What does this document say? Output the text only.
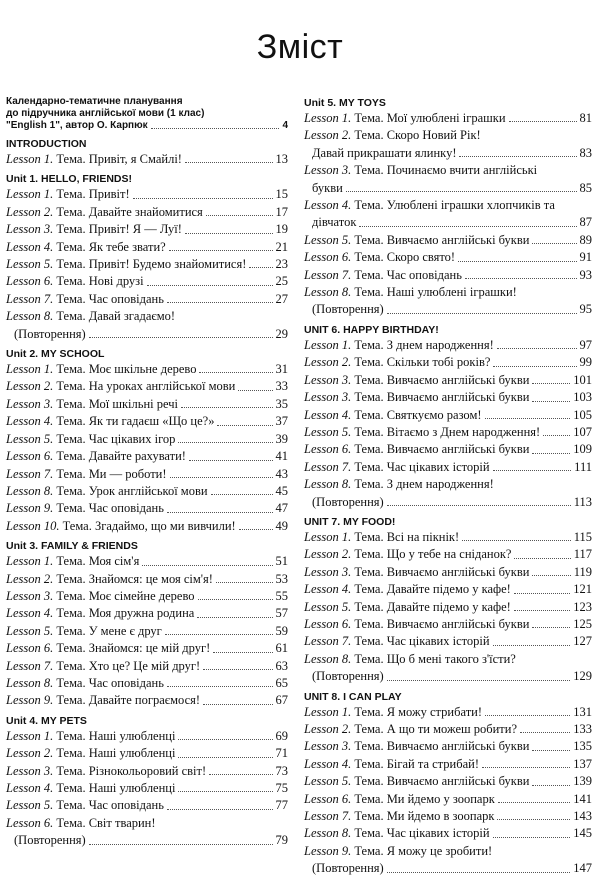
Зміст
Календарно-тематичне планування
до підручника англійської мови (1 клас)
"English 1", автор О. Карпюк	4
INTRODUCTION
Lesson 1. Тема. Привіт, я Смайлі!	13
Unit 1. HELLO, FRIENDS!
Lesson 1. Тема. Привіт!	15
Lesson 2. Тема. Давайте знайомитися	17
Lesson 3. Тема. Привіт! Я — Луї!	19
Lesson 4. Тема. Як тебе звати?	21
Lesson 5. Тема. Привіт! Будемо знайомитися! 23
Lesson 6. Тема. Нові друзі	25
Lesson 7. Тема. Час оповідань	27
Lesson 8. Тема. Давай згадаємо!
(Повторення)	29
Unit 2. MY SCHOOL
Lesson 1. Тема. Моє шкільне дерево	31
Lesson 2. Тема. На уроках англійської мови	33
Lesson 3. Тема. Мої шкільні речі	35
Lesson 4. Тема. Як ти гадаєш «Що це?»	37
Lesson 5. Тема. Час цікавих ігор	39
Lesson 6. Тема. Давайте рахувати!	41
Lesson 7. Тема. Ми — роботи!	43
Lesson 8. Тема. Урок англійської мови	45
Lesson 9. Тема. Час оповідань	47
Lesson 10. Тема. Згадаймо, що ми вивчили!	49
Unit 3. FAMILY & FRIENDS
Lesson 1. Тема. Моя сім'я	51
Lesson 2. Тема. Знайомся: це моя сім'я!	53
Lesson 3. Тема. Моє сімейне дерево	55
Lesson 4. Тема. Моя дружна родина	57
Lesson 5. Тема. У мене є друг	59
Lesson 6. Тема. Знайомся: це мій друг!	61
Lesson 7. Тема. Хто це? Це мій друг!	63
Lesson 8. Тема. Час оповідань	65
Lesson 9. Тема. Давайте пограємося!	67
Unit 4. MY PETS
Lesson 1. Тема. Наші улюбленці	69
Lesson 2. Тема. Наші улюбленці	71
Lesson 3. Тема. Різнокольоровий світ!	73
Lesson 4. Тема. Наші улюбленці	75
Lesson 5. Тема. Час оповідань	77
Lesson 6. Тема. Світ тварин!
(Повторення)	79
Unit 5. MY TOYS
Lesson 1. Тема. Мої улюблені іграшки	81
Lesson 2. Тема. Скоро Новий Рік!
Давай прикрашати ялинку!	83
Lesson 3. Тема. Починаємо вчити англійські
букви	85
Lesson 4. Тема. Улюблені іграшки хлопчиків та
дівчаток	87
Lesson 5. Тема. Вивчаємо англійські букви	89
Lesson 6. Тема. Скоро свято!	91
Lesson 7. Тема. Час оповідань	93
Lesson 8. Тема. Наші улюблені іграшки!
(Повторення)	95
UNIT 6. HAPPY BIRTHDAY!
Lesson 1. Тема. З днем народження!	97
Lesson 2. Тема. Скільки тобі років?	99
Lesson 3. Тема. Вивчаємо англійські букви	101
Lesson 3. Тема. Вивчаємо англійські букви	103
Lesson 4. Тема. Святкуємо разом!	105
Lesson 5. Тема. Вітаємо з Днем народження!	107
Lesson 6. Тема. Вивчаємо англійські букви	109
Lesson 7. Тема. Час цікавих історій	111
Lesson 8. Тема. З днем народження!
(Повторення)	113
UNIT 7. MY FOOD!
Lesson 1. Тема. Всі на пікнік!	115
Lesson 2. Тема. Що у тебе на сніданок?	117
Lesson 3. Тема. Вивчаємо англійські букви	119
Lesson 4. Тема. Давайте підемо у кафе!	121
Lesson 5. Тема. Давайте підемо у кафе!	123
Lesson 6. Тема. Вивчаємо англійські букви	125
Lesson 7. Тема. Час цікавих історій	127
Lesson 8. Тема. Що б мені такого з'їсти?
(Повторення)	129
UNIT 8. I CAN PLAY
Lesson 1. Тема. Я можу стрибати!	131
Lesson 2. Тема. А що ти можеш робити?	133
Lesson 3. Тема. Вивчаємо англійські букви	135
Lesson 4. Тема. Бігай та стрибай!	137
Lesson 5. Тема. Вивчаємо англійські букви	139
Lesson 6. Тема. Ми йдемо у зоопарк	141
Lesson 7. Тема. Ми йдемо в зоопарк	143
Lesson 8. Тема. Час цікавих історій	145
Lesson 9. Тема. Я можу це зробити!
(Повторення)	147
